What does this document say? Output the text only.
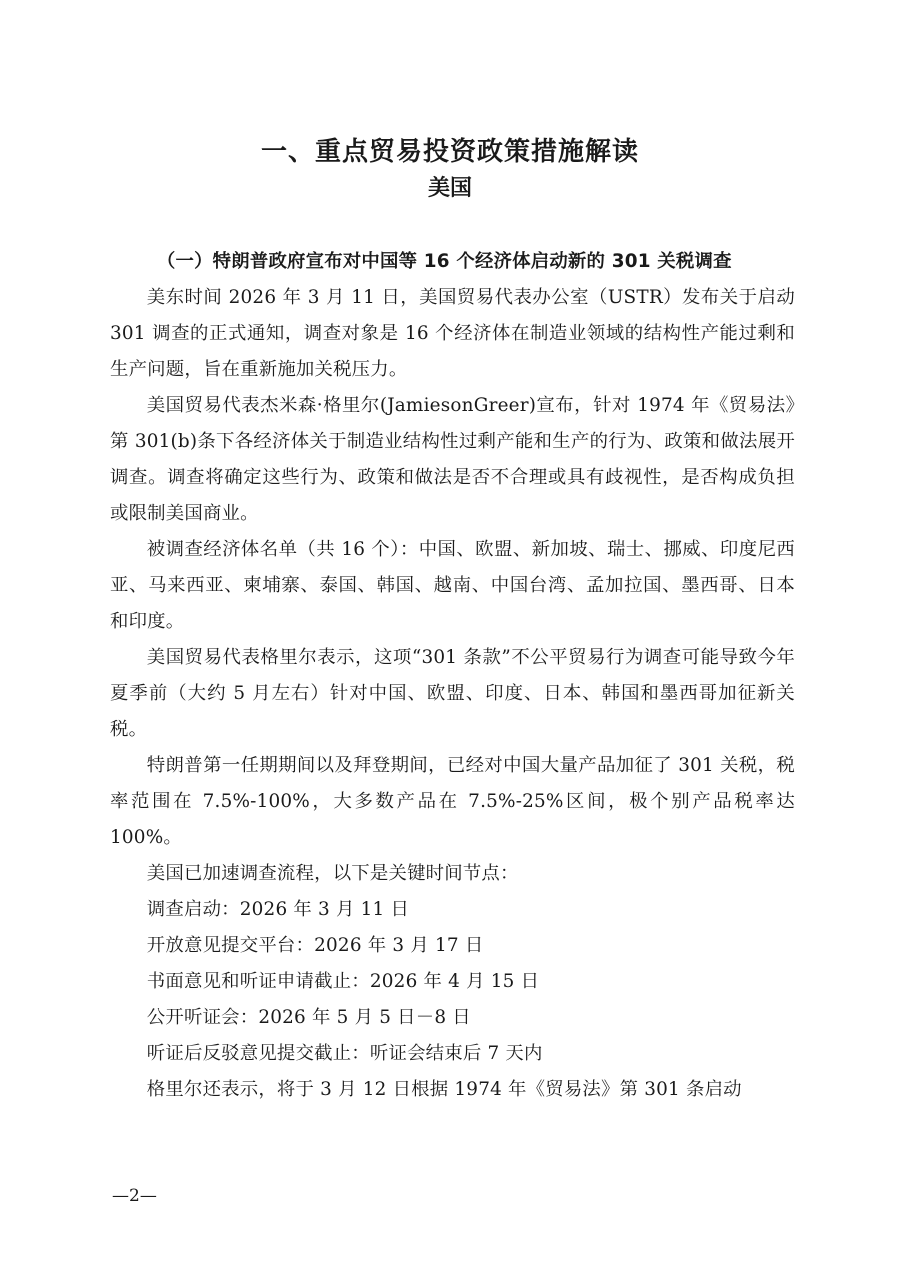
一、重点贸易投资政策措施解读
美国

（一）特朗普政府宣布对中国等 16 个经济体启动新的 301 关税调查

美东时间 2026 年 3 月 11 日，美国贸易代表办公室（USTR）发布关于启动 301 调查的正式通知，调查对象是 16 个经济体在制造业领域的结构性产能过剩和生产问题，旨在重新施加关税压力。

美国贸易代表杰米森·格里尔(JamiesonGreer)宣布，针对 1974 年《贸易法》第 301(b)条下各经济体关于制造业结构性过剩产能和生产的行为、政策和做法展开调查。调查将确定这些行为、政策和做法是否不合理或具有歧视性，是否构成负担或限制美国商业。

被调查经济体名单（共 16 个）：中国、欧盟、新加坡、瑞士、挪威、印度尼西亚、马来西亚、柬埔寨、泰国、韩国、越南、中国台湾、孟加拉国、墨西哥、日本和印度。

美国贸易代表格里尔表示，这项“301 条款”不公平贸易行为调查可能导致今年夏季前（大约 5 月左右）针对中国、欧盟、印度、日本、韩国和墨西哥加征新关税。

特朗普第一任期期间以及拜登期间，已经对中国大量产品加征了 301 关税，税率范围在 7.5%-100%，大多数产品在 7.5%-25%区间，极个别产品税率达 100%。

美国已加速调查流程，以下是关键时间节点：

调查启动：2026 年 3 月 11 日

开放意见提交平台：2026 年 3 月 17 日

书面意见和听证申请截止：2026 年 4 月 15 日

公开听证会：2026 年 5 月 5 日－8 日

听证后反驳意见提交截止：听证会结束后 7 天内

格里尔还表示，将于 3 月 12 日根据 1974 年《贸易法》第 301 条启动

—2—
